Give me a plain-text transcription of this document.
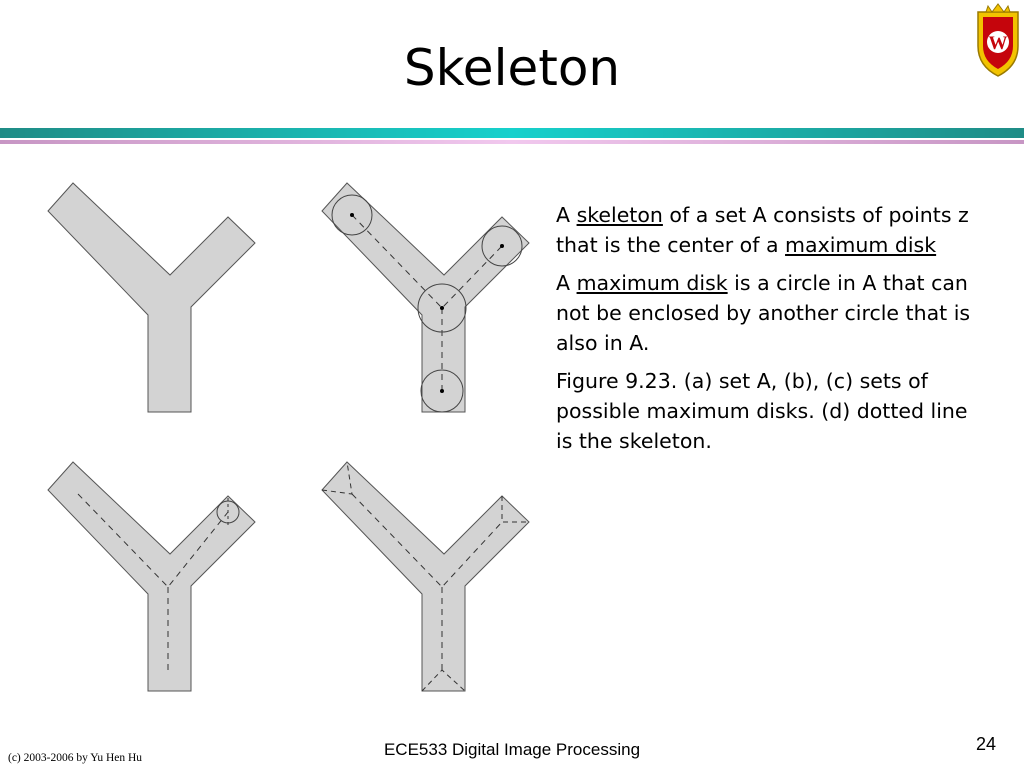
Skeleton	W

A skeleton of a set A consists of points z that is the center of a maximum disk

A maximum disk is a circle in A that can not be enclosed by another circle that is also in A.

Figure 9.23. (a) set A, (b), (c) sets of possible maximum disks. (d) dotted line is the skeleton.

ECE533 Digital Image Processing
(c) 2003-2006 by Yu Hen Hu
24
